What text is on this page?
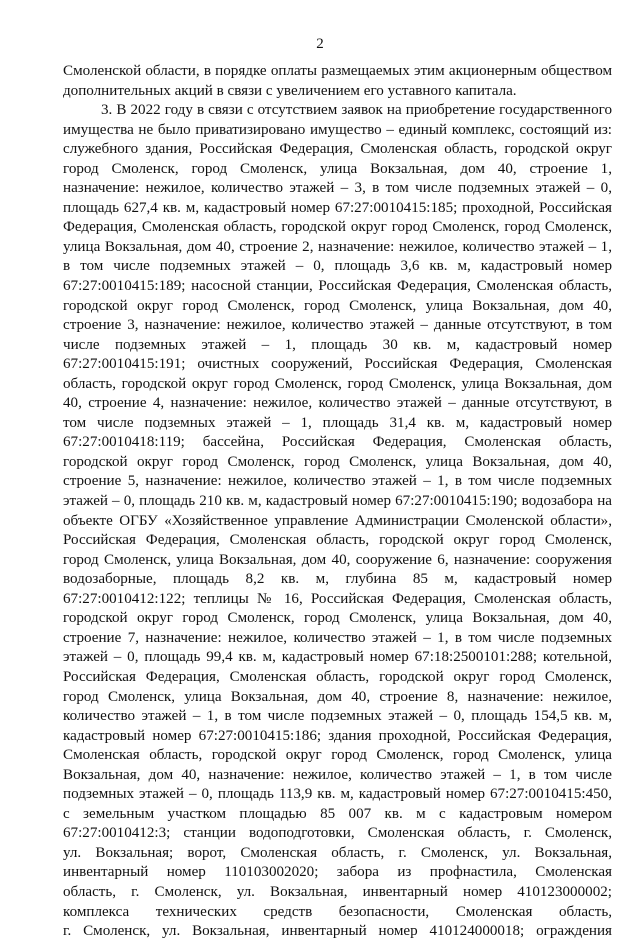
2
Смоленской области, в порядке оплаты размещаемых этим акционерным обществом
дополнительных акций в связи с увеличением его уставного капитала.
3. В 2022 году в связи с отсутствием заявок на приобретение государственного
имущества не было приватизировано имущество – единый комплекс, состоящий из:
служебного здания, Российская Федерация, Смоленская область, городской округ
город Смоленск, город Смоленск, улица Вокзальная, дом 40, строение 1,
назначение: нежилое, количество этажей – 3, в том числе подземных этажей – 0,
площадь 627,4 кв. м, кадастровый номер 67:27:0010415:185; проходной, Российская
Федерация, Смоленская область, городской округ город Смоленск, город Смоленск,
улица Вокзальная, дом 40, строение 2, назначение: нежилое, количество этажей – 1,
в том числе подземных этажей – 0, площадь 3,6 кв. м, кадастровый номер
67:27:0010415:189; насосной станции, Российская Федерация, Смоленская область,
городской округ город Смоленск, город Смоленск, улица Вокзальная, дом 40,
строение 3, назначение: нежилое, количество этажей – данные отсутствуют, в том
числе подземных этажей – 1, площадь 30 кв. м, кадастровый номер
67:27:0010415:191; очистных сооружений, Российская Федерация, Смоленская
область, городской округ город Смоленск, город Смоленск, улица Вокзальная, дом
40, строение 4, назначение: нежилое, количество этажей – данные отсутствуют, в
том числе подземных этажей – 1, площадь 31,4 кв. м, кадастровый номер
67:27:0010418:119; бассейна, Российская Федерация, Смоленская область,
городской округ город Смоленск, город Смоленск, улица Вокзальная, дом 40,
строение 5, назначение: нежилое, количество этажей – 1, в том числе подземных
этажей – 0, площадь 210 кв. м, кадастровый номер 67:27:0010415:190; водозабора на
объекте ОГБУ «Хозяйственное управление Администрации Смоленской области»,
Российская Федерация, Смоленская область, городской округ город Смоленск,
город Смоленск, улица Вокзальная, дом 40, сооружение 6, назначение: сооружения
водозаборные, площадь 8,2 кв. м, глубина 85 м, кадастровый номер
67:27:0010412:122; теплицы № 16, Российская Федерация, Смоленская область,
городской округ город Смоленск, город Смоленск, улица Вокзальная, дом 40,
строение 7, назначение: нежилое, количество этажей – 1, в том числе подземных
этажей – 0, площадь 99,4 кв. м, кадастровый номер 67:18:2500101:288; котельной,
Российская Федерация, Смоленская область, городской округ город Смоленск,
город Смоленск, улица Вокзальная, дом 40, строение 8, назначение: нежилое,
количество этажей – 1, в том числе подземных этажей – 0, площадь 154,5 кв. м,
кадастровый номер 67:27:0010415:186; здания проходной, Российская Федерация,
Смоленская область, городской округ город Смоленск, город Смоленск, улица
Вокзальная, дом 40, назначение: нежилое, количество этажей – 1, в том числе
подземных этажей – 0, площадь 113,9 кв. м, кадастровый номер 67:27:0010415:450,
с земельным участком площадью 85 007 кв. м с кадастровым номером
67:27:0010412:3; станции водоподготовки, Смоленская область, г. Смоленск,
ул. Вокзальная; ворот, Смоленская область, г. Смоленск, ул. Вокзальная,
инвентарный номер 110103002020; забора из профнастила, Смоленская
область, г. Смоленск, ул. Вокзальная, инвентарный номер 410123000002;
комплекса технических средств безопасности, Смоленская область,
г. Смоленск, ул. Вокзальная, инвентарный номер 410124000018; ограждения
